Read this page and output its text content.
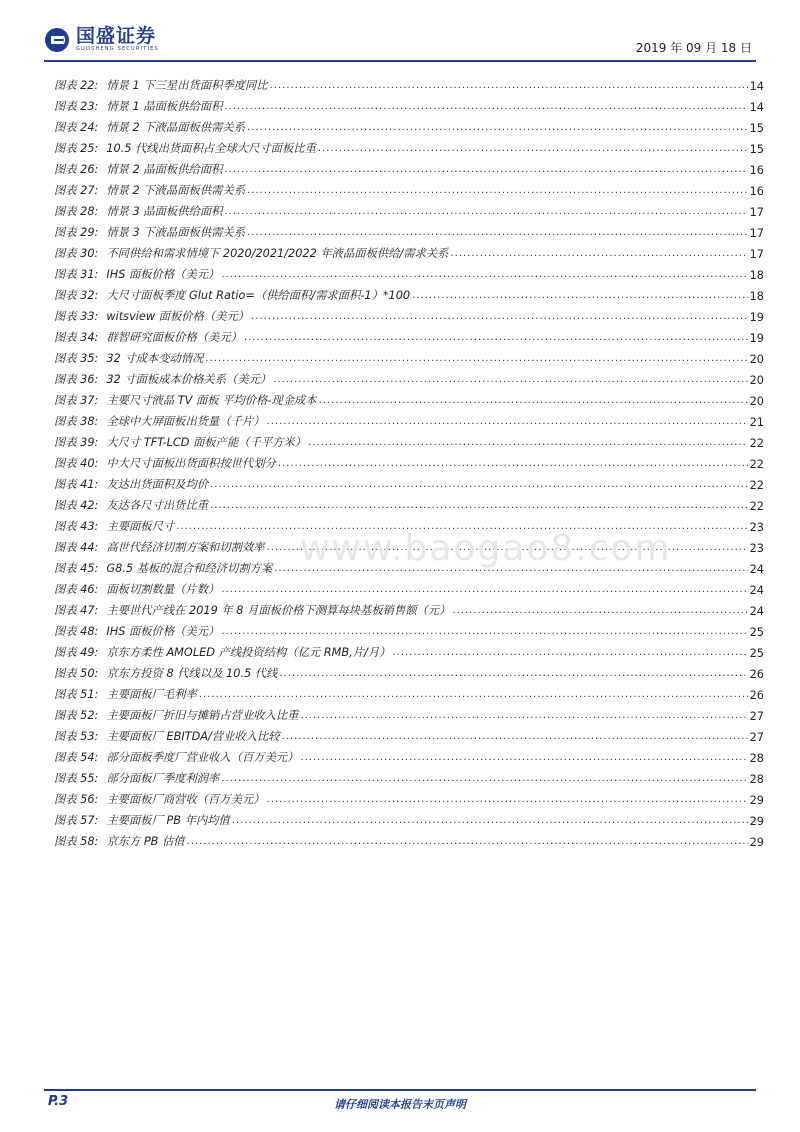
国盛证券
GUOSHENG SECURITIES	2019 年 09 月 18 日
图表 22: 情景 1 下三星出货面积季度同比 .....	14
图表 23: 情景 1 晶面板供给面积 .....	14
图表 24: 情景 2 下液晶面板供需关系 .....	15
图表 25: 10.5 代线出货面积占全球大尺寸面板比重 .....	15
图表 26: 情景 2 晶面板供给面积 .....	16
图表 27: 情景 2 下液晶面板供需关系 .....	16
图表 28: 情景 3 晶面板供给面积 .....	17
图表 29: 情景 3 下液晶面板供需关系 .....	17
图表 30: 不同供给和需求情境下 2020/2021/2022 年液晶面板供给/需求关系 .....	17
图表 31: IHS 面板价格（美元） .....	18
图表 32: 大尺寸面板季度 Glut Ratio=（供给面积/需求面积-1）*100 .....	18
图表 33: witsview 面板价格（美元） .....	19
图表 34: 群智研究面板价格（美元） .....	19
图表 35: 32 寸成本变动情况 .....	20
图表 36: 32 寸面板成本价格关系（美元） .....	20
图表 37: 主要尺寸液晶 TV 面板 平均价格-现金成本 .....	20
图表 38: 全球中大屏面板出货量（千片） .....	21
图表 39: 大尺寸 TFT-LCD 面板产能（千平方米） .....	22
图表 40: 中大尺寸面板出货面积按世代划分 .....	22
图表 41: 友达出货面积及均价 .....	22
图表 42: 友达各尺寸出货比重 .....	22
图表 43: 主要面板尺寸 .....	23
图表 44: 高世代经济切割方案和切割效率 .....	23
图表 45: G8.5 基板的混合和经济切割方案 .....	24
图表 46: 面板切割数量（片数） .....	24
图表 47: 主要世代产线在 2019 年 8 月面板价格下测算每块基板销售额（元） .....	24
图表 48: IHS 面板价格（美元） .....	25
图表 49: 京东方柔性 AMOLED 产线投资结构（亿元 RMB,片/月） .....	25
图表 50: 京东方投资 8 代线以及 10.5 代线 .....	26
图表 51: 主要面板厂毛利率 .....	26
图表 52: 主要面板厂折旧与摊销占营业收入比重 .....	27
图表 53: 主要面板厂 EBITDA/营业收入比较 .....	27
图表 54: 部分面板季度厂营业收入（百万美元） .....	28
图表 55: 部分面板厂季度利润率 .....	28
图表 56: 主要面板厂商营收（百万美元） .....	29
图表 57: 主要面板厂 PB 年内均值 .....	29
图表 58: 京东方 PB 估值 .....	29
www.baogao8.com
P.3	请仔细阅读本报告末页声明
